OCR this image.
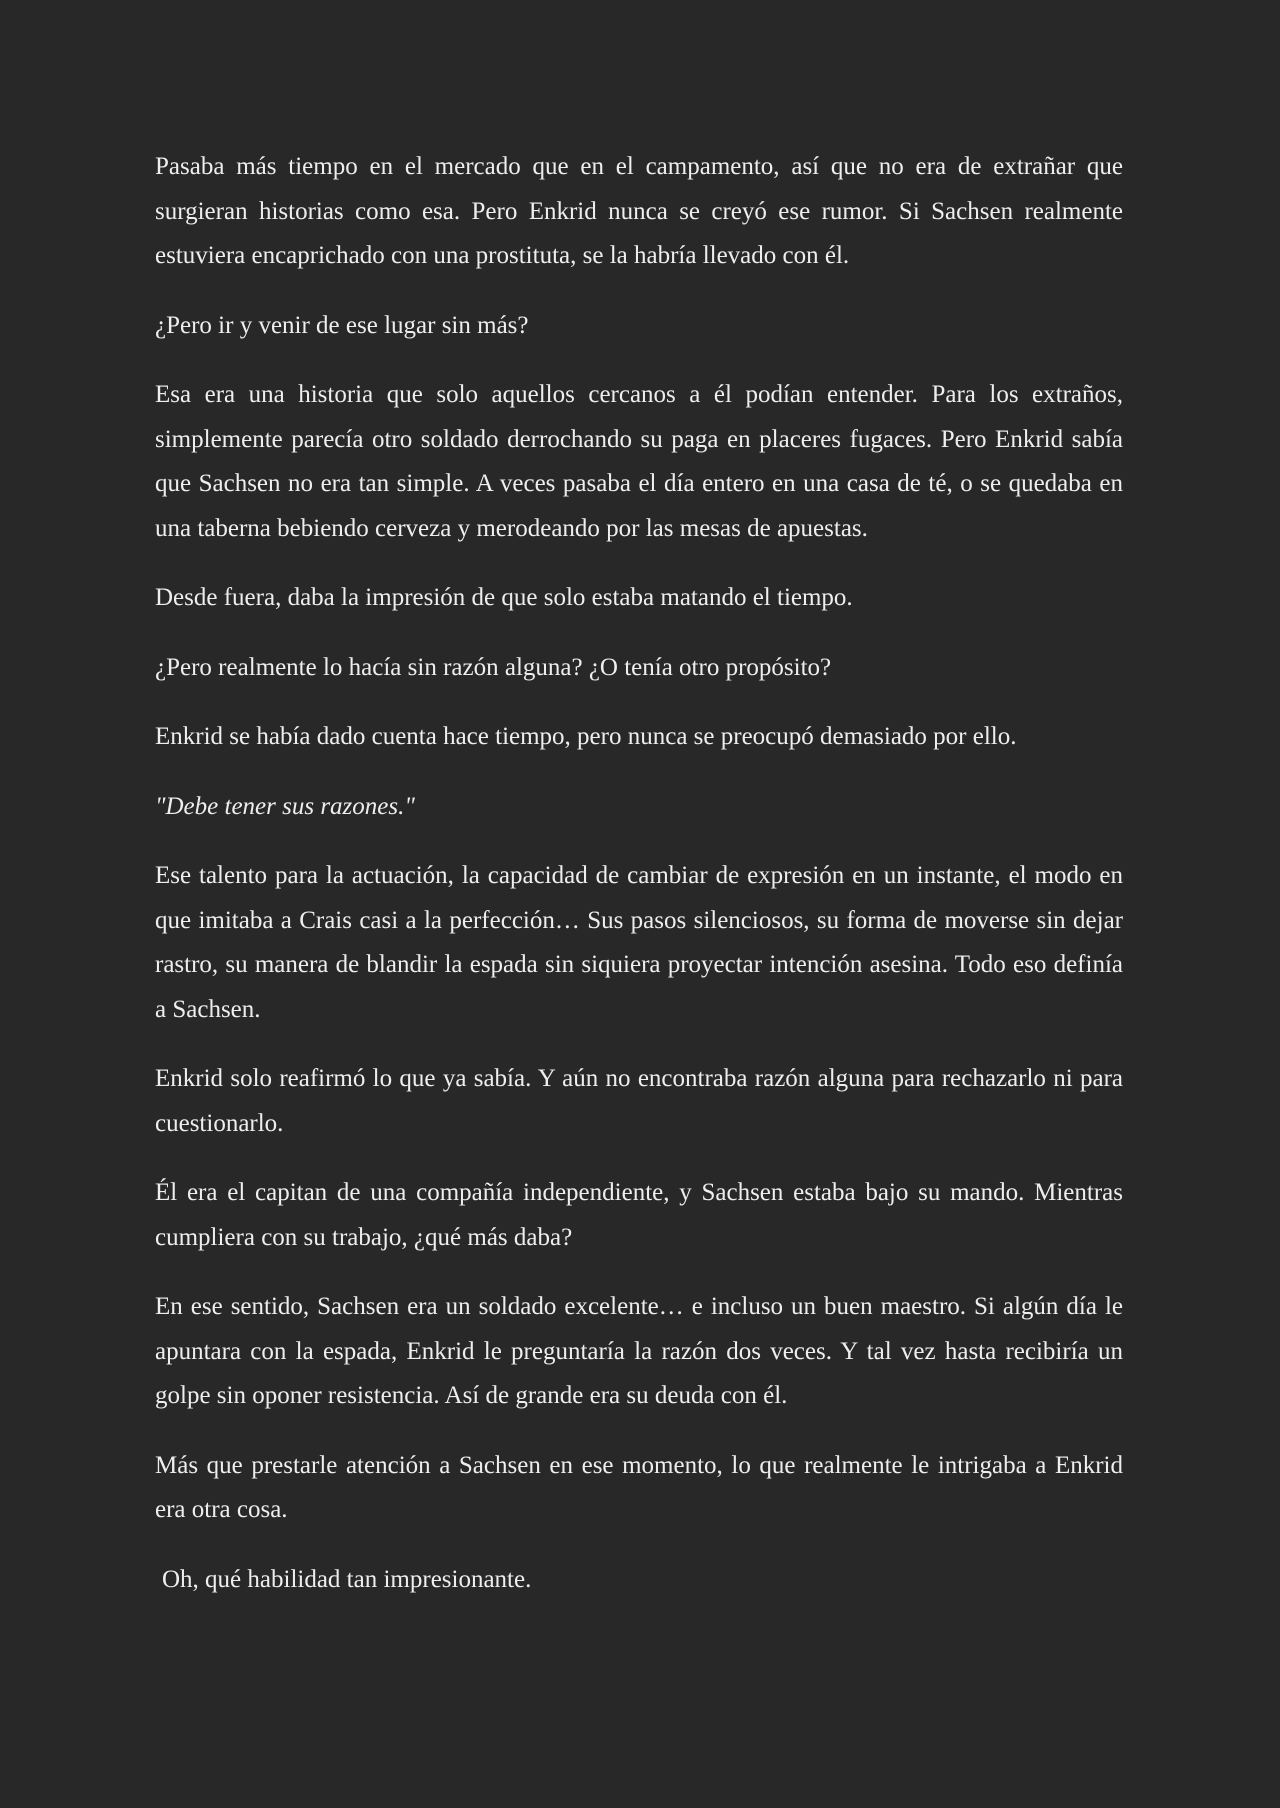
Pasaba más tiempo en el mercado que en el campamento, así que no era de extrañar que surgieran historias como esa. Pero Enkrid nunca se creyó ese rumor. Si Sachsen realmente estuviera encaprichado con una prostituta, se la habría llevado con él.

¿Pero ir y venir de ese lugar sin más?

Esa era una historia que solo aquellos cercanos a él podían entender. Para los extraños, simplemente parecía otro soldado derrochando su paga en placeres fugaces. Pero Enkrid sabía que Sachsen no era tan simple. A veces pasaba el día entero en una casa de té, o se quedaba en una taberna bebiendo cerveza y merodeando por las mesas de apuestas.

Desde fuera, daba la impresión de que solo estaba matando el tiempo.

¿Pero realmente lo hacía sin razón alguna? ¿O tenía otro propósito?

Enkrid se había dado cuenta hace tiempo, pero nunca se preocupó demasiado por ello.

"Debe tener sus razones."

Ese talento para la actuación, la capacidad de cambiar de expresión en un instante, el modo en que imitaba a Crais casi a la perfección… Sus pasos silenciosos, su forma de moverse sin dejar rastro, su manera de blandir la espada sin siquiera proyectar intención asesina. Todo eso definía a Sachsen.

Enkrid solo reafirmó lo que ya sabía. Y aún no encontraba razón alguna para rechazarlo ni para cuestionarlo.

Él era el capitan de una compañía independiente, y Sachsen estaba bajo su mando. Mientras cumpliera con su trabajo, ¿qué más daba?

En ese sentido, Sachsen era un soldado excelente… e incluso un buen maestro. Si algún día le apuntara con la espada, Enkrid le preguntaría la razón dos veces. Y tal vez hasta recibiría un golpe sin oponer resistencia. Así de grande era su deuda con él.

Más que prestarle atención a Sachsen en ese momento, lo que realmente le intrigaba a Enkrid era otra cosa.

Oh, qué habilidad tan impresionante.
